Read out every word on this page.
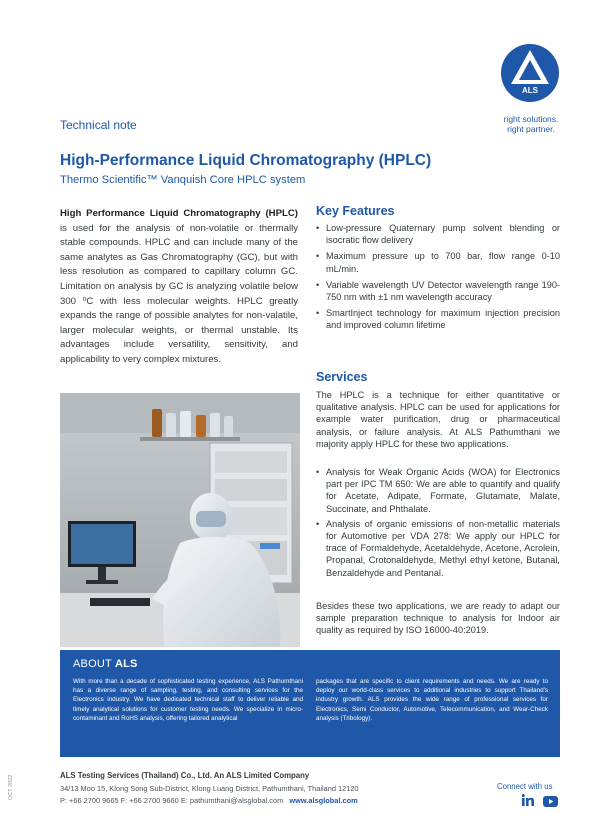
ALS
right solutions.
right partner.
Technical note
High-Performance Liquid Chromatography (HPLC)
Thermo Scientific™ Vanquish Core HPLC system
High Performance Liquid Chromatography (HPLC) is used for the analysis of non-volatile or thermally stable compounds. HPLC and can include many of the same analytes as Gas Chromatography (GC), but with less resolution as compared to capillary column GC. Limitation on analysis by GC is analyzing volatile below 300 ⁰C with less molecular weights. HPLC greatly expands the range of possible analytes for non-valatile, larger molecular weights, or thermal unstable. Its advantages include versatility, sensitivity, and applicability to very complex mixtures.
Key Features
• Low-pressure Quaternary pump solvent blending or isocratic flow delivery
• Maximum pressure up to 700 bar, flow range 0-10 mL/min.
• Variable wavelength UV Detector wavelength range 190-750 nm with ±1 nm wavelength accuracy
• SmartInject technology for maximum injection precision and improved column lifetime
Services
The HPLC is a technique for either quantitative or qualitative analysis. HPLC can be used for applications for example water purification, drug or pharmaceutical analysis, or failure analysis. At ALS Pathumthani we majority apply HPLC for these two applications.
• Analysis for Weak Organic Acids (WOA) for Electronics part per IPC TM 650: We are able to quantify and qualify for Acetate, Adipate, Formate, Glutamate, Malate, Succinate, and Phthalate.
• Analysis of organic emissions of non-metallic materials for Automotive per VDA 278: We apply our HPLC for trace of Formaldehyde, Acetaldehyde, Acetone, Acrolein, Propanal, Crotonaldehyde, Methyl ethyl ketone, Butanal, Benzaldehyde and Pentanal.
Besides these two applications, we are ready to adapt our sample preparation technique to analysis for Indoor air quality as required by ISO 16000-40:2019.
ABOUT ALS
With more than a decade of sophisticated testing experience, ALS Pathumthani has a diverse range of sampling, testing, and consulting services for the Electronics industry. We have dedicated technical staff to deliver reliable and timely analytical solutions for customer testing needs. We specialize in micro-contaminant and RoHS analysis, offering tailored analytical
packages that are specific to client requirements and needs. We are ready to deploy our world-class services to additional industries to support Thailand's industry growth. ALS provides the wide range of professional services for Electronics, Semi Conductor, Automotive, Telecommunication, and Wear-Check analysis (Tribology).
ALS Testing Services (Thailand) Co., Ltd. An ALS Limited Company
34/13 Moo 15, Klong Song Sub-District, Klong Luang District, Pathumthani, Thailand 12120
P: +66 2700 9665 F: +66 2700 9660 E: pathumthani@alsglobal.com www.alsglobal.com
Connect with us
OCT 2022
